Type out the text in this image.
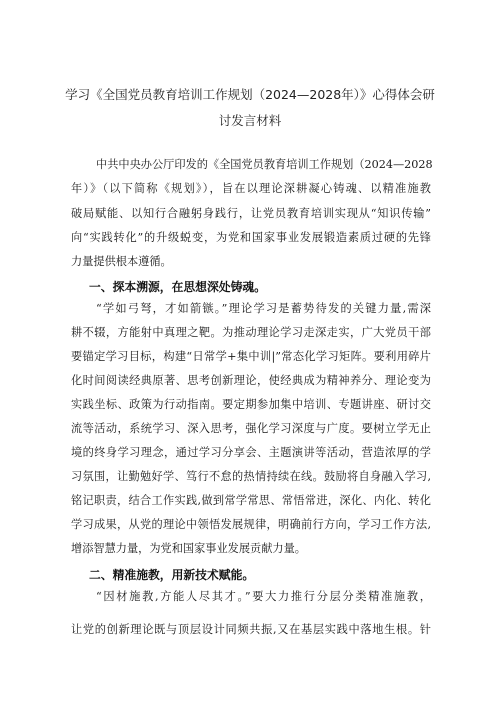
学习《全国党员教育培训工作规划（2024—2028年）》心得体会研
讨发言材料
中共中央办公厅印发的《全国党员教育培训工作规划（2024—2028
年）》（以下简称《规划》），旨在以理论深耕凝心铸魂、以精准施教
破局赋能、以知行合融躬身践行，让党员教育培训实现从“知识传输”
向“实践转化”的升级蜕变，为党和国家事业发展锻造素质过硬的先锋
力量提供根本遵循。
一、探本溯源，在思想深处铸魂。
“学如弓弩，才如箭镞。”理论学习是蓄势待发的关键力量,需深
耕不辍，方能射中真理之靶。为推动理论学习走深走实，广大党员干部
要锚定学习目标，构建“日常学+集中训|”常态化学习矩阵。要利用碎片
化时间阅读经典原著、思考创新理论，使经典成为精神养分、理论变为
实践坐标、政策为行动指南。要定期参加集中培训、专题讲座、研讨交
流等活动，系统学习、深入思考，强化学习深度与广度。要树立学无止
境的终身学习理念，通过学习分享会、主题演讲等活动，营造浓厚的学
习氛围，让勤勉好学、笃行不怠的热情持续在线。鼓励将自身融入学习,
铭记职责，结合工作实践,做到常学常思、常悟常进，深化、内化、转化
学习成果，从党的理论中领悟发展规律，明确前行方向，学习工作方法,
增添智慧力量，为党和国家事业发展贡献力量。
二、精准施教，用新技术赋能。
“因材施教,方能人尽其才。”要大力推行分层分类精准施教，
让党的创新理论既与顶层设计同频共振,又在基层实践中落地生根。针
